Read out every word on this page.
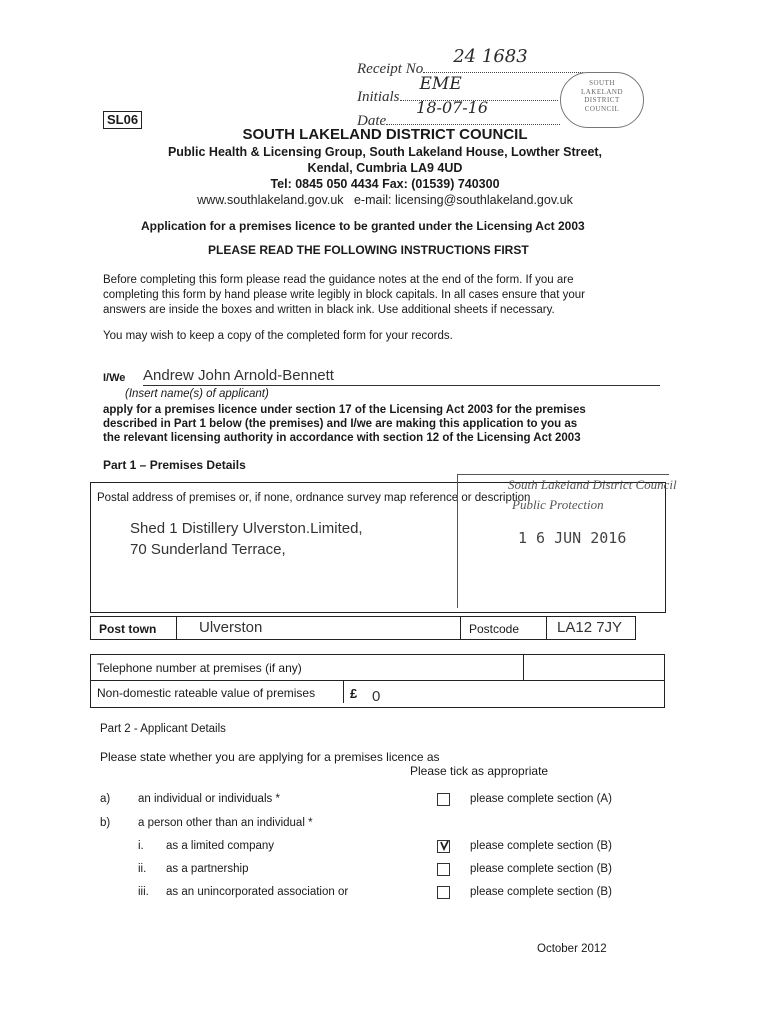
Receipt No
24 1683
Initials
EME
Date
18-07-16
SOUTH
LAKELAND
DISTRICT
COUNCIL
SL06
SOUTH LAKELAND DISTRICT COUNCIL
Public Health & Licensing Group, South Lakeland House, Lowther Street,
Kendal, Cumbria LA9 4UD
Tel: 0845 050 4434 Fax: (01539) 740300
www.southlakeland.gov.uk e-mail: licensing@southlakeland.gov.uk
Application for a premises licence to be granted under the Licensing Act 2003
PLEASE READ THE FOLLOWING INSTRUCTIONS FIRST
Before completing this form please read the guidance notes at the end of the form. If you are
completing this form by hand please write legibly in block capitals. In all cases ensure that your
answers are inside the boxes and written in black ink. Use additional sheets if necessary.
You may wish to keep a copy of the completed form for your records.
I/We Andrew John Arnold-Bennett
(Insert name(s) of applicant)
apply for a premises licence under section 17 of the Licensing Act 2003 for the premises
described in Part 1 below (the premises) and I/we are making this application to you as
the relevant licensing authority in accordance with section 12 of the Licensing Act 2003
Part 1 – Premises Details
Postal address of premises or, if none, ordnance survey map reference or description
Shed 1 Distillery Ulverston.Limited,
70 Sunderland Terrace,
South Lakeland District Council
Public Protection
1 6 JUN 2016
Post town	Ulverston	Postcode	LA12 7JY
Telephone number at premises (if any)
Non-domestic rateable value of premises	£ 0
Part 2 - Applicant Details
Please state whether you are applying for a premises licence as
Please tick as appropriate
a) an individual or individuals *	please complete section (A)
b) a person other than an individual *
i. as a limited company	please complete section (B)
ii. as a partnership	please complete section (B)
iii. as an unincorporated association or	please complete section (B)
October 2012
